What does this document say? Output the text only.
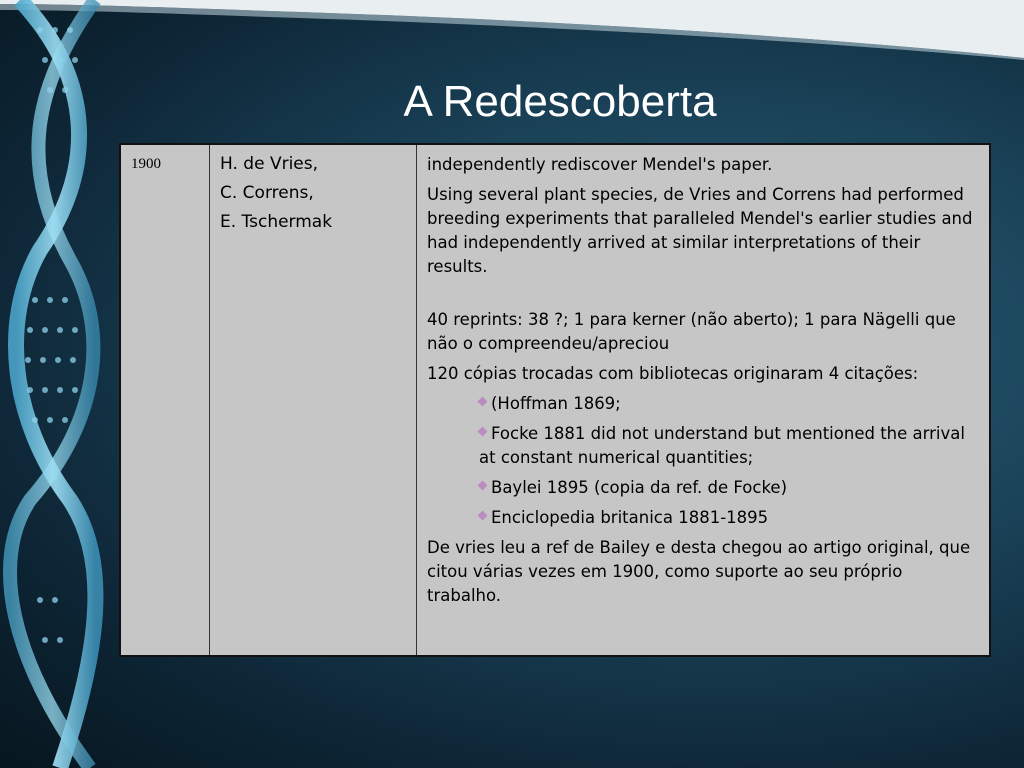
A Redescoberta
1900	H. de Vries,
C. Correns,
E. Tschermak

independently rediscover Mendel's paper.

Using several plant species, de Vries and Correns had performed breeding experiments that paralleled Mendel's earlier studies and had independently arrived at similar interpretations of their results.

40 reprints: 38 ?; 1 para kerner (não aberto); 1 para Nägelli que não o compreendeu/apreciou

120 cópias trocadas com bibliotecas originaram 4 citações:

(Hoffman 1869;
Focke 1881 did not understand but mentioned the arrival at constant numerical quantities;
Baylei 1895 (copia da ref. de Focke)
Enciclopedia britanica 1881-1895

De vries leu a ref de Bailey e desta chegou ao artigo original, que citou várias vezes em 1900, como suporte ao seu próprio trabalho.
